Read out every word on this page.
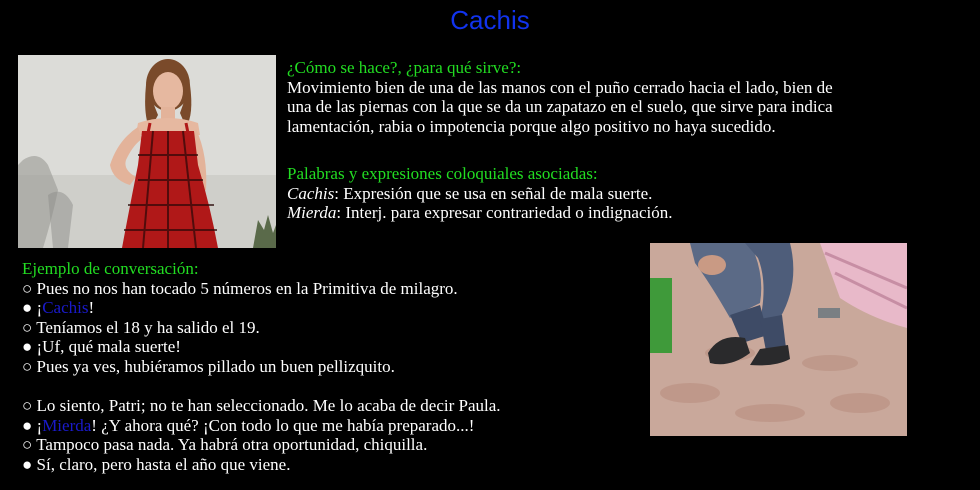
Cachis
¿Cómo se hace?, ¿para qué sirve?:
Movimiento bien de una de las manos con el puño cerrado hacia el lado, bien de
una de las piernas con la que se da un zapatazo en el suelo, que sirve para indica
lamentación, rabia o impotencia porque algo positivo no haya sucedido.
Palabras y expresiones coloquiales asociadas:
Cachis: Expresión que se usa en señal de mala suerte.
Mierda: Interj. para expresar contrariedad o indignación.
Ejemplo de conversación:
○ Pues no nos han tocado 5 números en la Primitiva de milagro.
● ¡Cachis!
○ Teníamos el 18 y ha salido el 19.
● ¡Uf, qué mala suerte!
○ Pues ya ves, hubiéramos pillado un buen pellizquito.
○ Lo siento, Patri; no te han seleccionado. Me lo acaba de decir Paula.
● ¡Mierda! ¿Y ahora qué? ¡Con todo lo que me había preparado...!
○ Tampoco pasa nada. Ya habrá otra oportunidad, chiquilla.
● Sí, claro, pero hasta el año que viene.
